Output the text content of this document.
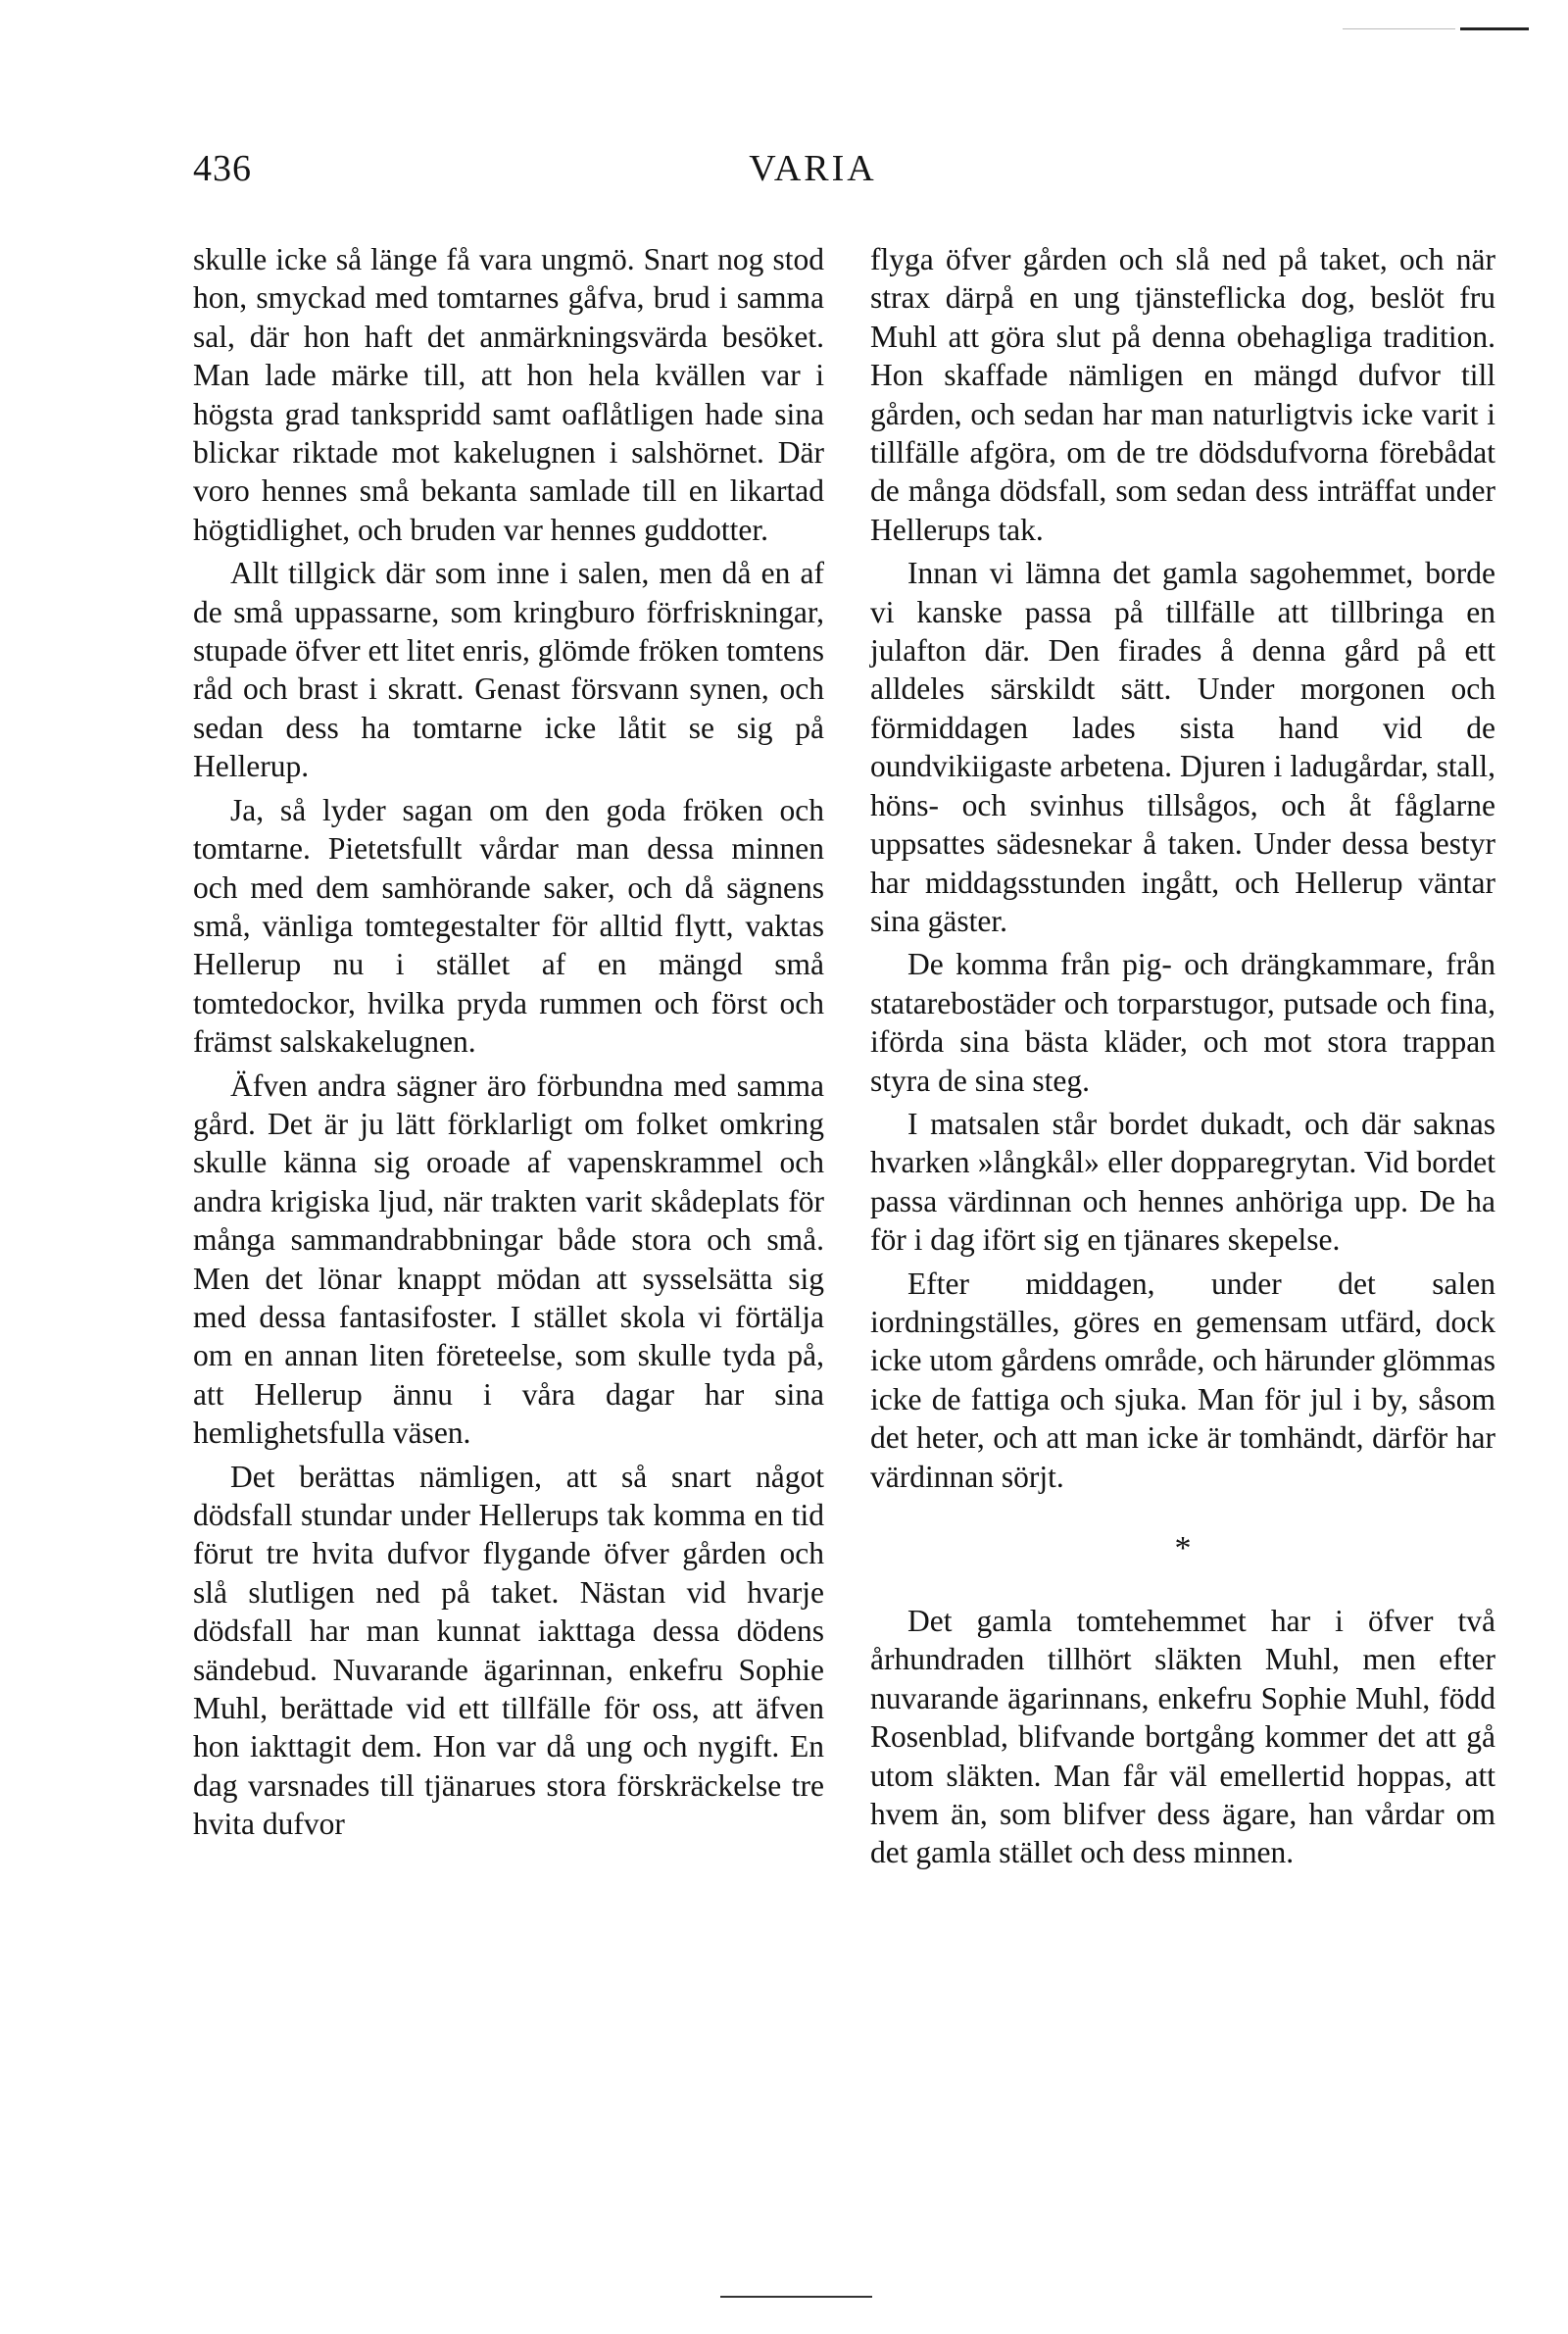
436	VARIA

skulle icke så länge få vara ungmö. Snart nog stod hon, smyckad med tomtarnes gåfva, brud i samma sal, där hon haft det anmärkningsvärda besöket. Man lade märke till, att hon hela kvällen var i högsta grad tankspridd samt oaflåtligen hade sina blickar riktade mot kakelugnen i salshörnet. Där voro hennes små bekanta samlade till en likartad högtidlighet, och bruden var hennes guddotter.

Allt tillgick där som inne i salen, men då en af de små uppassarne, som kringburo förfriskningar, stupade öfver ett litet enris, glömde fröken tomtens råd och brast i skratt. Genast försvann synen, och sedan dess ha tomtarne icke låtit se sig på Hellerup.

Ja, så lyder sagan om den goda fröken och tomtarne. Pietetsfullt vårdar man dessa minnen och med dem samhörande saker, och då sägnens små, vänliga tomtegestalter för alltid flytt, vaktas Hellerup nu i stället af en mängd små tomtedockor, hvilka pryda rummen och först och främst salskakelugnen.

Äfven andra sägner äro förbundna med samma gård. Det är ju lätt förklarligt om folket omkring skulle känna sig oroade af vapenskrammel och andra krigiska ljud, när trakten varit skådeplats för många sammandrabbningar både stora och små. Men det lönar knappt mödan att sysselsätta sig med dessa fantasifoster. I stället skola vi förtälja om en annan liten företeelse, som skulle tyda på, att Hellerup ännu i våra dagar har sina hemlighetsfulla väsen.

Det berättas nämligen, att så snart något dödsfall stundar under Hellerups tak komma en tid förut tre hvita dufvor flygande öfver gården och slå slutligen ned på taket. Nästan vid hvarje dödsfall har man kunnat iakttaga dessa dödens sändebud. Nuvarande ägarinnan, enkefru Sophie Muhl, berättade vid ett tillfälle för oss, att äfven hon iakttagit dem. Hon var då ung och nygift. En dag varsnades till tjänarues stora förskräckelse tre hvita dufvor

flyga öfver gården och slå ned på taket, och när strax därpå en ung tjänsteflicka dog, beslöt fru Muhl att göra slut på denna obehagliga tradition. Hon skaffade nämligen en mängd dufvor till gården, och sedan har man naturligtvis icke varit i tillfälle afgöra, om de tre dödsdufvorna förebådat de många dödsfall, som sedan dess inträffat under Hellerups tak.

Innan vi lämna det gamla sagohemmet, borde vi kanske passa på tillfälle att tillbringa en julafton där. Den firades å denna gård på ett alldeles särskildt sätt. Under morgonen och förmiddagen lades sista hand vid de oundvikiigaste arbetena. Djuren i ladugårdar, stall, höns- och svinhus tillsågos, och åt fåglarne uppsattes sädesnekar å taken. Under dessa bestyr har middagsstunden ingått, och Hellerup väntar sina gäster.

De komma från pig- och drängkammare, från statarebostäder och torparstugor, putsade och fina, iförda sina bästa kläder, och mot stora trappan styra de sina steg.

I matsalen står bordet dukadt, och där saknas hvarken »långkål» eller dopparegrytan. Vid bordet passa värdinnan och hennes anhöriga upp. De ha för i dag ifört sig en tjänares skepelse.

Efter middagen, under det salen iordningställes, göres en gemensam utfärd, dock icke utom gårdens område, och härunder glömmas icke de fattiga och sjuka. Man för jul i by, såsom det heter, och att man icke är tomhändt, därför har värdinnan sörjt.

*

Det gamla tomtehemmet har i öfver två århundraden tillhört släkten Muhl, men efter nuvarande ägarinnans, enkefru Sophie Muhl, född Rosenblad, blifvande bortgång kommer det att gå utom släkten. Man får väl emellertid hoppas, att hvem än, som blifver dess ägare, han vårdar om det gamla stället och dess minnen.
